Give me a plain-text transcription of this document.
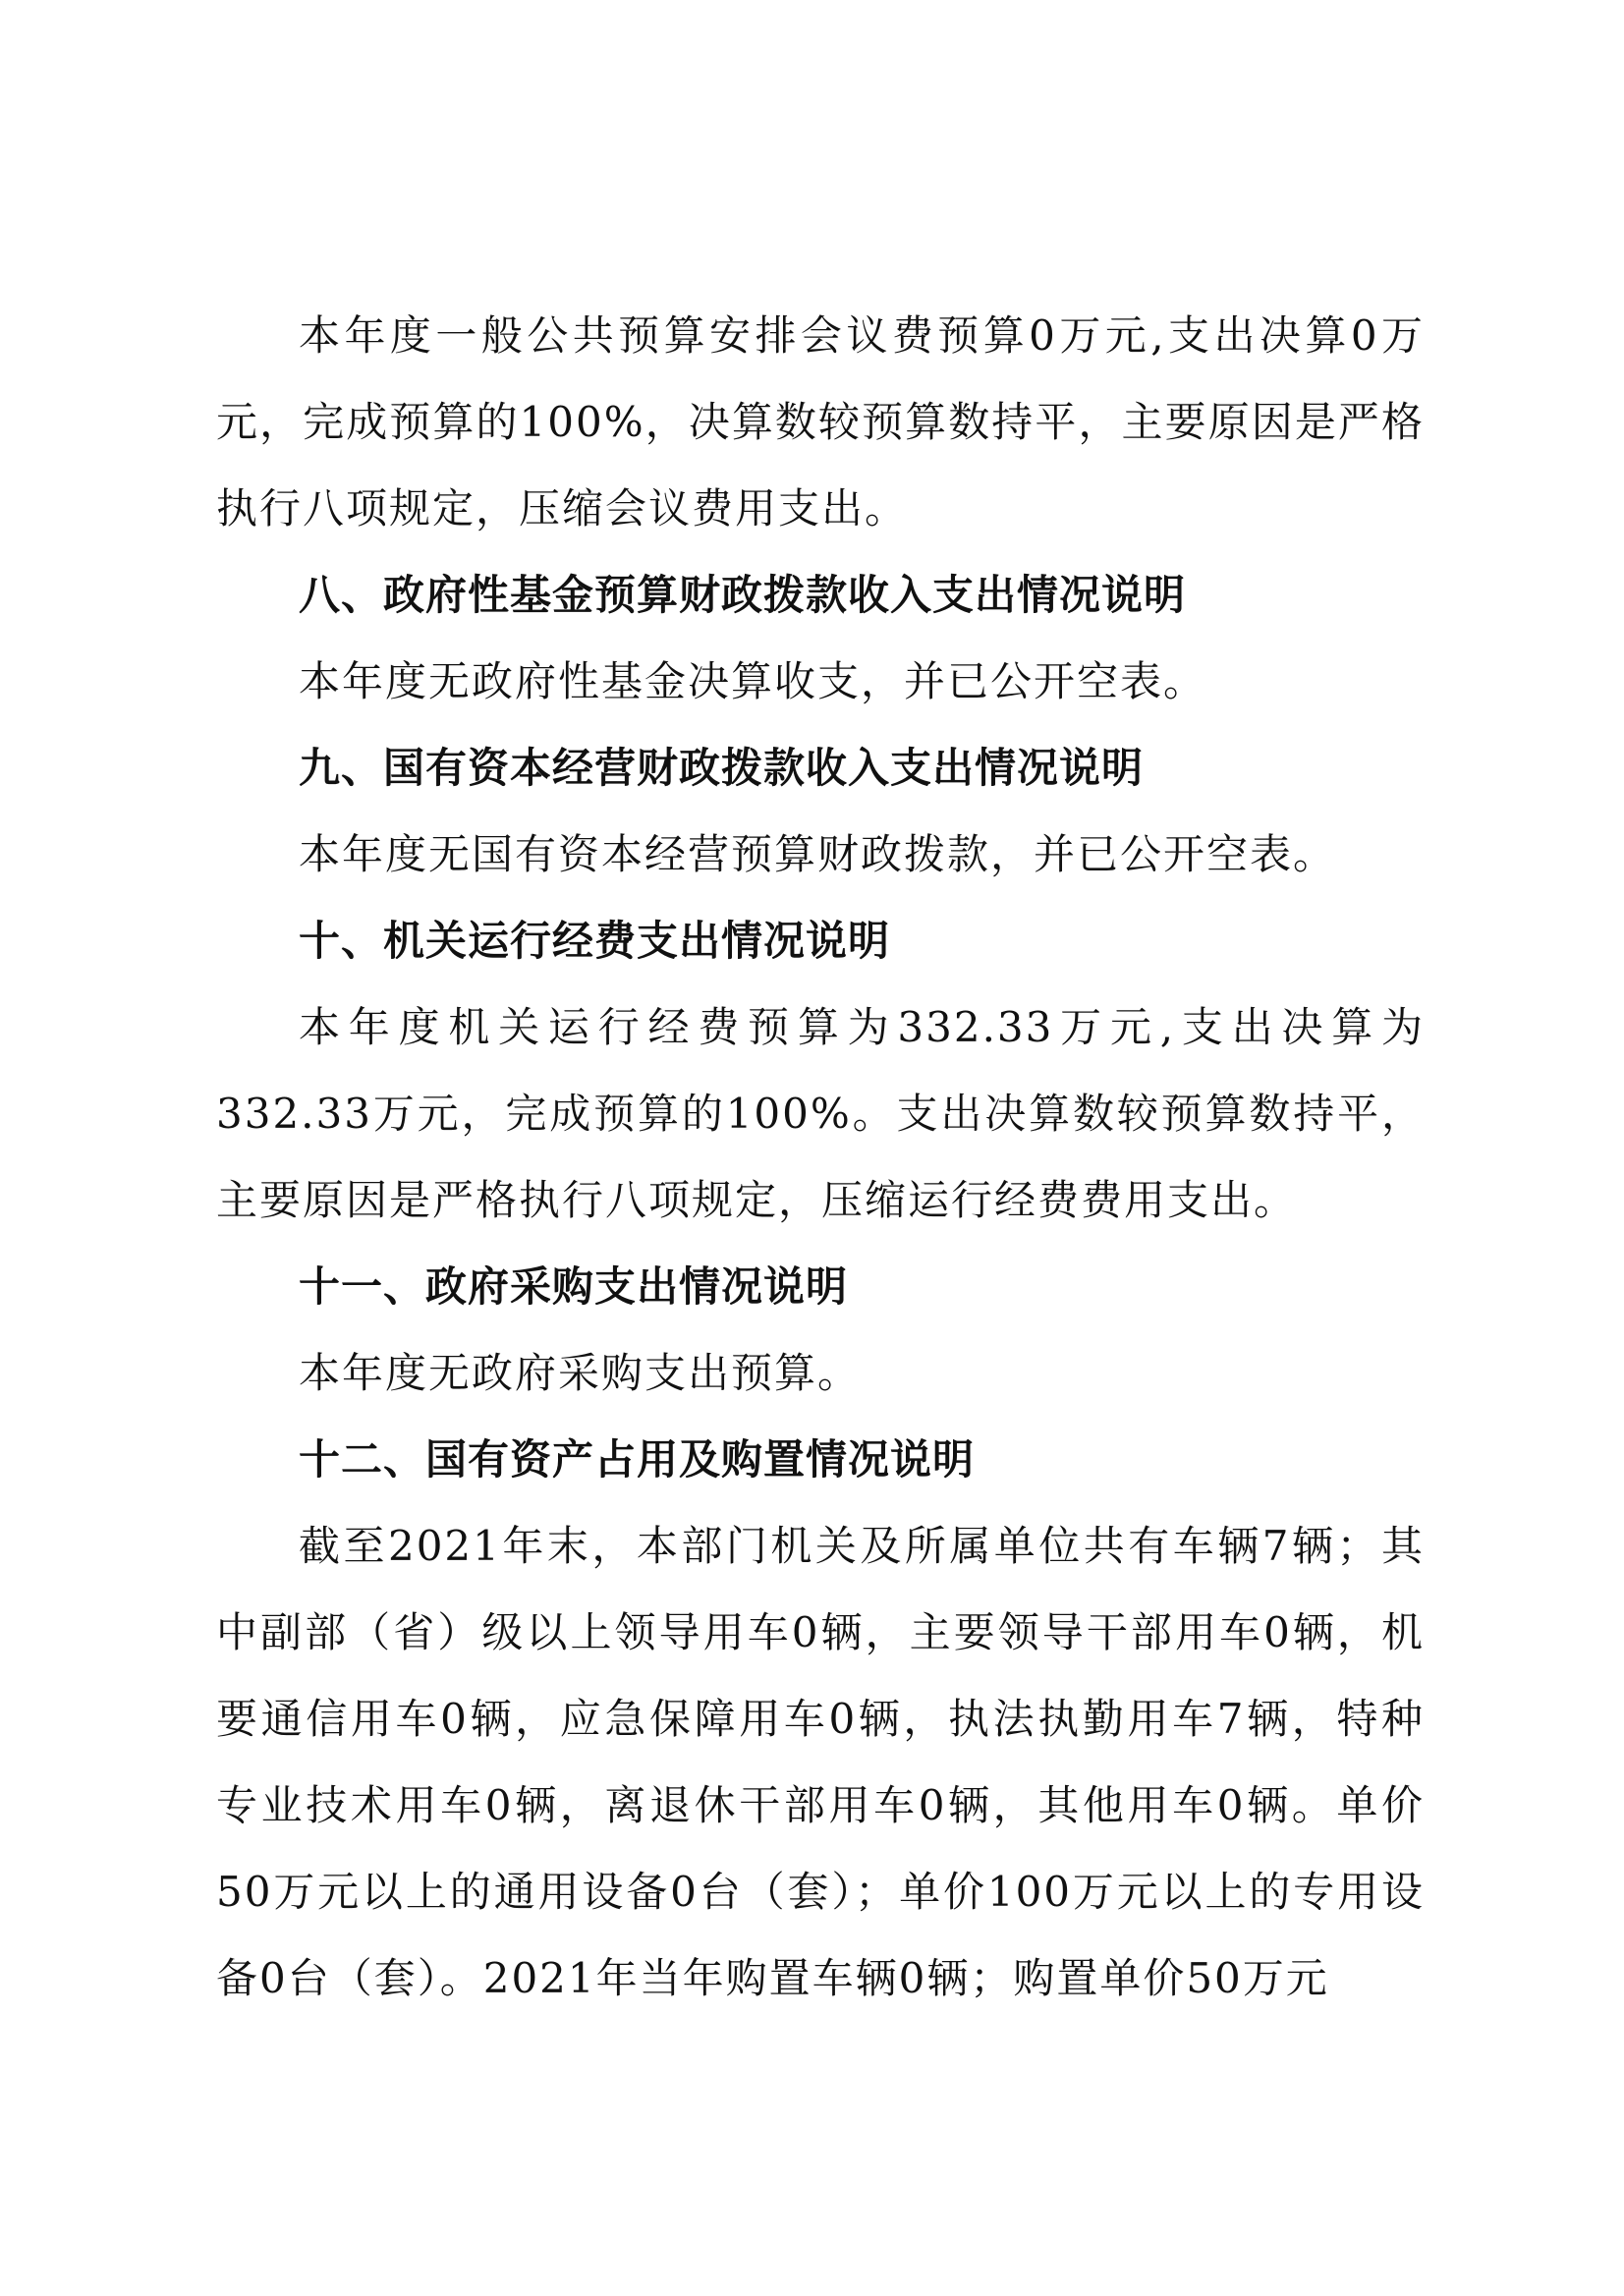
本年度一般公共预算安排会议费预算0万元,支出决算0万元，完成预算的100%，决算数较预算数持平，主要原因是严格执行八项规定，压缩会议费用支出。

八、政府性基金预算财政拨款收入支出情况说明

本年度无政府性基金决算收支，并已公开空表。

九、国有资本经营财政拨款收入支出情况说明

本年度无国有资本经营预算财政拨款，并已公开空表。

十、机关运行经费支出情况说明

本年度机关运行经费预算为332.33万元,支出决算为332.33万元，完成预算的100%。支出决算数较预算数持平，主要原因是严格执行八项规定，压缩运行经费费用支出。

十一、政府采购支出情况说明

本年度无政府采购支出预算。

十二、国有资产占用及购置情况说明

截至2021年末，本部门机关及所属单位共有车辆7辆；其中副部（省）级以上领导用车0辆，主要领导干部用车0辆，机要通信用车0辆，应急保障用车0辆，执法执勤用车7辆，特种专业技术用车0辆，离退休干部用车0辆，其他用车0辆。单价50万元以上的通用设备0台（套）；单价100万元以上的专用设备0台（套）。2021年当年购置车辆0辆；购置单价50万元
